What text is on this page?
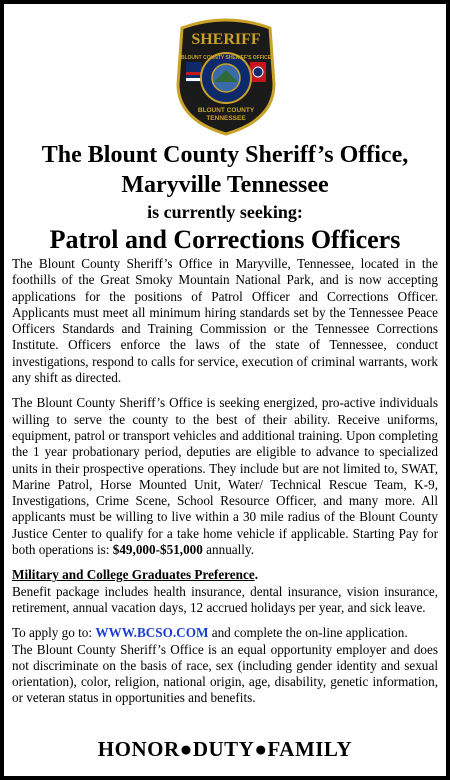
SHERIFF
BLOUNT COUNTY SHERIFF'S OFFICE
BLOUNT COUNTY
TENNESSEE
The Blount County Sheriff’s Office,
Maryville Tennessee
is currently seeking:
Patrol and Corrections Officers

The Blount County Sheriff’s Office in Maryville, Tennessee, located in the foothills of the Great Smoky Mountain National Park, and is now accepting applications for the positions of Patrol Officer and Corrections Officer. Applicants must meet all minimum hiring standards set by the Tennessee Peace Officers Standards and Training Commission or the Tennessee Corrections Institute. Officers enforce the laws of the state of Tennessee, conduct investigations, respond to calls for service, execution of criminal warrants, work any shift as directed.

The Blount County Sheriff’s Office is seeking energized, pro-active individuals willing to serve the county to the best of their ability. Receive uniforms, equipment, patrol or transport vehicles and additional training. Upon completing the 1 year probationary period, deputies are eligible to advance to specialized units in their prospective operations. They include but are not limited to, SWAT, Marine Patrol, Horse Mounted Unit, Water/ Technical Rescue Team, K-9, Investigations, Crime Scene, School Resource Officer, and many more. All applicants must be willing to live within a 30 mile radius of the Blount County Justice Center to qualify for a take home vehicle if applicable. Starting Pay for both operations is: $49,000-$51,000 annually.

Military and College Graduates Preference.

Benefit package includes health insurance, dental insurance, vision insurance, retirement, annual vacation days, 12 accrued holidays per year, and sick leave.

To apply go to: WWW.BCSO.COM and complete the on-line application.

The Blount County Sheriff’s Office is an equal opportunity employer and does not discriminate on the basis of race, sex (including gender identity and sexual orientation), color, religion, national origin, age, disability, genetic information, or veteran status in opportunities and benefits.

HONOR●DUTY●FAMILY
